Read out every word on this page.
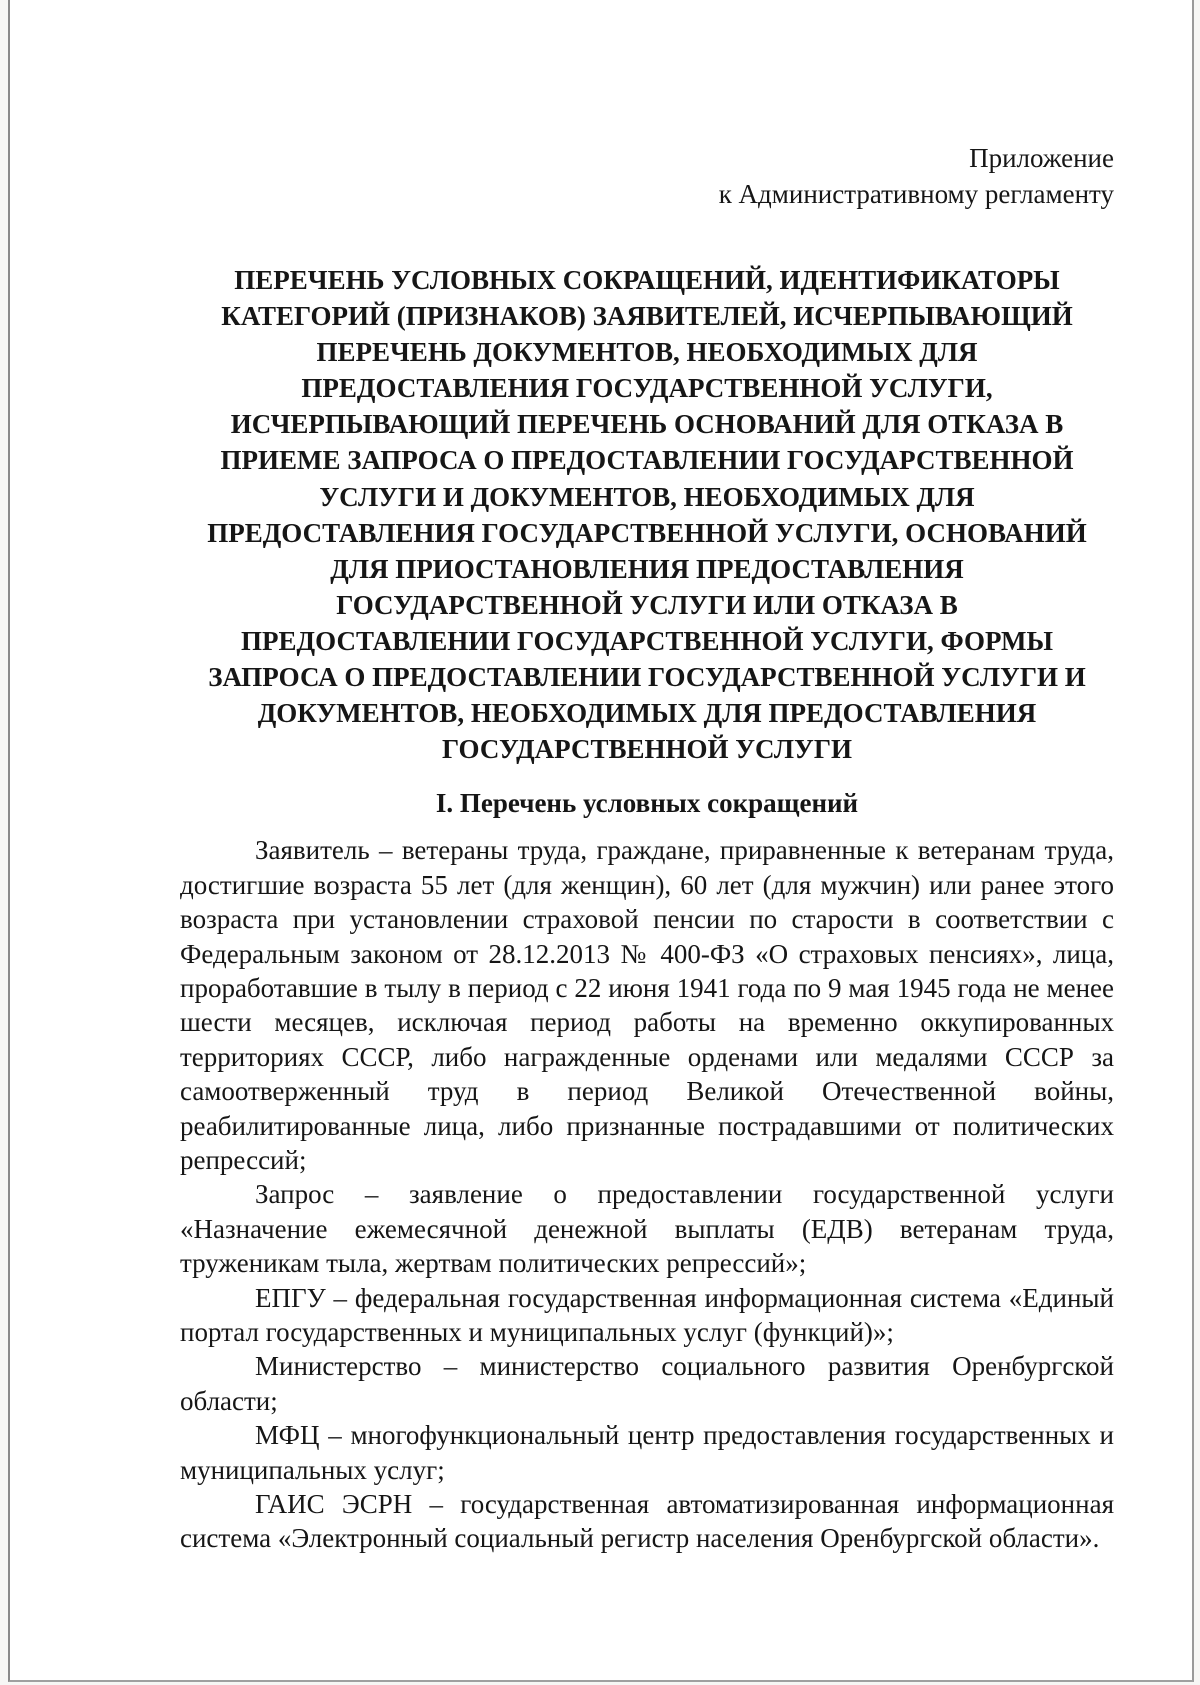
Приложение
к Административному регламенту
ПЕРЕЧЕНЬ УСЛОВНЫХ СОКРАЩЕНИЙ, ИДЕНТИФИКАТОРЫ
КАТЕГОРИЙ (ПРИЗНАКОВ) ЗАЯВИТЕЛЕЙ, ИСЧЕРПЫВАЮЩИЙ
ПЕРЕЧЕНЬ ДОКУМЕНТОВ, НЕОБХОДИМЫХ ДЛЯ
ПРЕДОСТАВЛЕНИЯ ГОСУДАРСТВЕННОЙ УСЛУГИ,
ИСЧЕРПЫВАЮЩИЙ ПЕРЕЧЕНЬ ОСНОВАНИЙ ДЛЯ ОТКАЗА В
ПРИЕМЕ ЗАПРОСА О ПРЕДОСТАВЛЕНИИ ГОСУДАРСТВЕННОЙ
УСЛУГИ И ДОКУМЕНТОВ, НЕОБХОДИМЫХ ДЛЯ
ПРЕДОСТАВЛЕНИЯ ГОСУДАРСТВЕННОЙ УСЛУГИ, ОСНОВАНИЙ
ДЛЯ ПРИОСТАНОВЛЕНИЯ ПРЕДОСТАВЛЕНИЯ
ГОСУДАРСТВЕННОЙ УСЛУГИ ИЛИ ОТКАЗА В
ПРЕДОСТАВЛЕНИИ ГОСУДАРСТВЕННОЙ УСЛУГИ, ФОРМЫ
ЗАПРОСА О ПРЕДОСТАВЛЕНИИ ГОСУДАРСТВЕННОЙ УСЛУГИ И
ДОКУМЕНТОВ, НЕОБХОДИМЫХ ДЛЯ ПРЕДОСТАВЛЕНИЯ
ГОСУДАРСТВЕННОЙ УСЛУГИ
I. Перечень условных сокращений

Заявитель – ветераны труда, граждане, приравненные к ветеранам труда, достигшие возраста 55 лет (для женщин), 60 лет (для мужчин) или ранее этого возраста при установлении страховой пенсии по старости в соответствии с Федеральным законом от 28.12.2013 № 400-ФЗ «О страховых пенсиях», лица, проработавшие в тылу в период с 22 июня 1941 года по 9 мая 1945 года не менее шести месяцев, исключая период работы на временно оккупированных территориях СССР, либо награжденные орденами или медалями СССР за самоотверженный труд в период Великой Отечественной войны, реабилитированные лица, либо признанные пострадавшими от политических репрессий;

Запрос – заявление о предоставлении государственной услуги «Назначение ежемесячной денежной выплаты (ЕДВ) ветеранам труда, труженикам тыла, жертвам политических репрессий»;

ЕПГУ – федеральная государственная информационная система «Единый портал государственных и муниципальных услуг (функций)»;

Министерство – министерство социального развития Оренбургской области;

МФЦ – многофункциональный центр предоставления государственных и муниципальных услуг;

ГАИС ЭСРН – государственная автоматизированная информационная система «Электронный социальный регистр населения Оренбургской области».
